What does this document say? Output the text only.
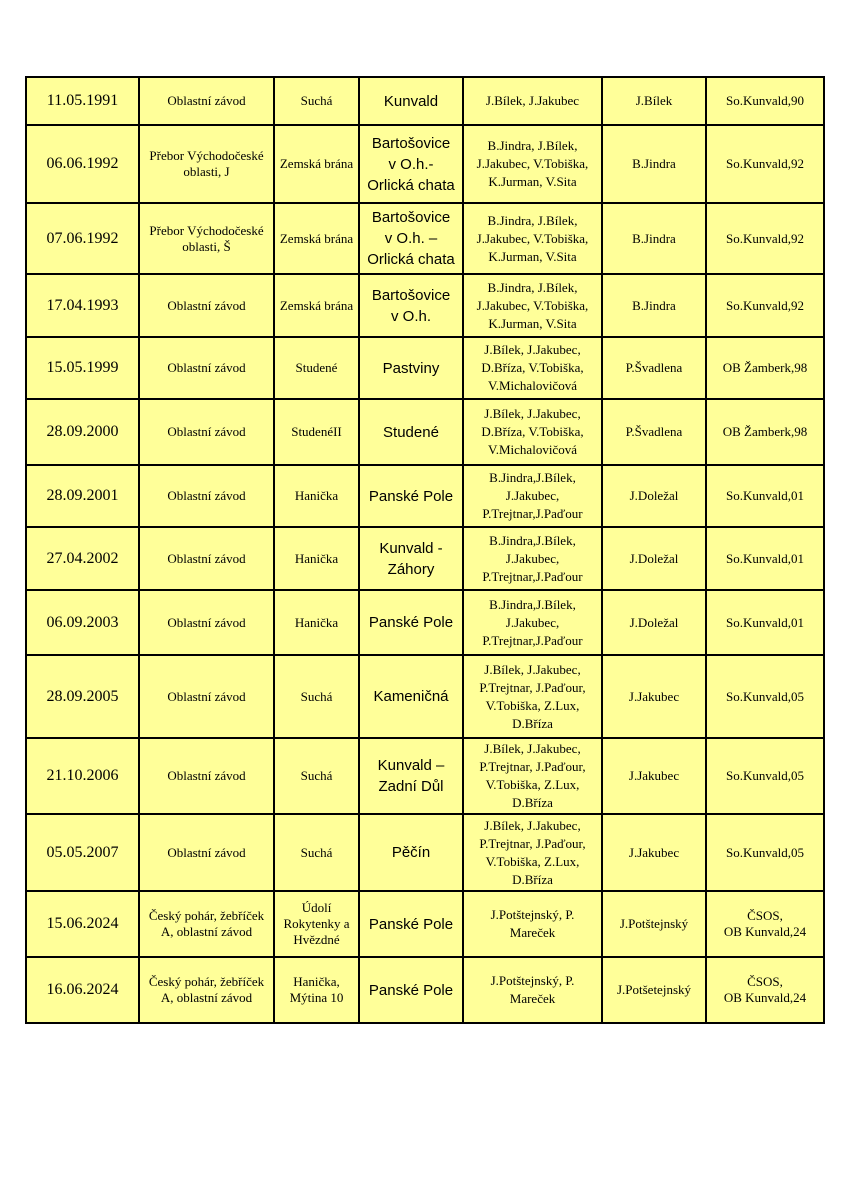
11.05.1991	Oblastní závod	Suchá	Kunvald	J.Bílek, J.Jakubec	J.Bílek	So.Kunvald,90

06.06.1992	Přebor Východočeské
oblasti, J	Zemská brána	Bartošovice
v O.h.-
Orlická chata	B.Jindra, J.Bílek,
J.Jakubec, V.Tobiška,
K.Jurman, V.Sita	B.Jindra	So.Kunvald,92

07.06.1992	Přebor Východočeské
oblasti, Š	Zemská brána	Bartošovice
v O.h. –
Orlická chata	B.Jindra, J.Bílek,
J.Jakubec, V.Tobiška,
K.Jurman, V.Sita	B.Jindra	So.Kunvald,92

17.04.1993	Oblastní závod	Zemská brána	Bartošovice
v O.h.	B.Jindra, J.Bílek,
J.Jakubec, V.Tobiška,
K.Jurman, V.Sita	B.Jindra	So.Kunvald,92

15.05.1999	Oblastní závod	Studené	Pastviny	J.Bílek, J.Jakubec,
D.Bříza, V.Tobiška,
V.Michalovičová	P.Švadlena	OB Žamberk,98

28.09.2000	Oblastní závod	StudenéII	Studené	J.Bílek, J.Jakubec,
D.Bříza, V.Tobiška,
V.Michalovičová	P.Švadlena	OB Žamberk,98

28.09.2001	Oblastní závod	Hanička	Panské Pole	B.Jindra,J.Bílek,
J.Jakubec,
P.Trejtnar,J.Paďour	J.Doležal	So.Kunvald,01

27.04.2002	Oblastní závod	Hanička	Kunvald -
Záhory	B.Jindra,J.Bílek,
J.Jakubec,
P.Trejtnar,J.Paďour	J.Doležal	So.Kunvald,01

06.09.2003	Oblastní závod	Hanička	Panské Pole	B.Jindra,J.Bílek,
J.Jakubec,
P.Trejtnar,J.Paďour	J.Doležal	So.Kunvald,01

28.09.2005	Oblastní závod	Suchá	Kameničná	J.Bílek, J.Jakubec,
P.Trejtnar, J.Paďour,
V.Tobiška, Z.Lux,
D.Bříza	J.Jakubec	So.Kunvald,05

21.10.2006	Oblastní závod	Suchá	Kunvald –
Zadní Důl	J.Bílek, J.Jakubec,
P.Trejtnar, J.Paďour,
V.Tobiška, Z.Lux,
D.Bříza	J.Jakubec	So.Kunvald,05

05.05.2007	Oblastní závod	Suchá	Pěčín	J.Bílek, J.Jakubec,
P.Trejtnar, J.Paďour,
V.Tobiška, Z.Lux,
D.Bříza	J.Jakubec	So.Kunvald,05

15.06.2024	Český pohár, žebříček
A, oblastní závod	Údolí
Rokytenky a
Hvězdné	Panské Pole	J.Potštejnský, P.
Mareček	J.Potštejnský	ČSOS,
OB Kunvald,24

16.06.2024	Český pohár, žebříček
A, oblastní závod	Hanička,
Mýtina 10	Panské Pole	J.Potštejnský, P.
Mareček	J.Potšetejnský	ČSOS,
OB Kunvald,24
